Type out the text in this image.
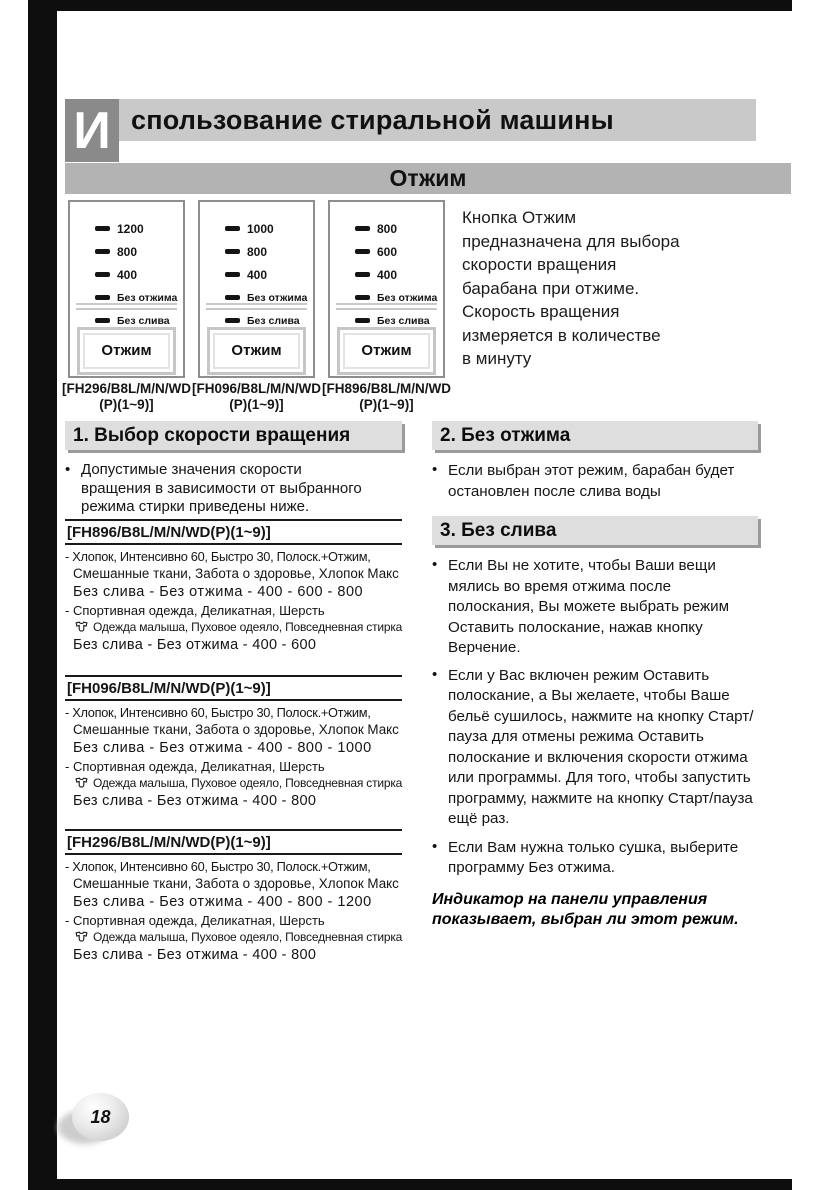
спользование стиральной машины
И
Отжим
1200
800
400
Без отжима
Без слива
Отжим
1000
800
400
Без отжима
Без слива
Отжим
800
600
400
Без отжима
Без слива
Отжим
[FH296/B8L/M/N/WD
(P)(1~9)]
[FH096/B8L/M/N/WD
(P)(1~9)]
[FH896/B8L/M/N/WD
(P)(1~9)]
Кнопка Отжим
предназначена для выбора
скорости вращения
барабана при отжиме.
Скорость вращения
измеряется в количестве
в минуту
1. Выбор скорости вращения
•
Допустимые значения скорости
вращения в зависимости от выбранного
режима стирки приведены ниже.
[FH896/B8L/M/N/WD(P)(1~9)]
- Хлопок, Интенсивно 60, Быстро 30, Полоск.+Отжим,
Смешанные ткани, Забота о здоровье, Хлопок Макс
Без слива - Без отжима - 400 - 600 - 800
- Спортивная одежда, Деликатная, Шерсть
Одежда малыша, Пуховое одеяло, Повседневная стирка
Без слива - Без отжима - 400 - 600
[FH096/B8L/M/N/WD(P)(1~9)]
- Хлопок, Интенсивно 60, Быстро 30, Полоск.+Отжим,
Смешанные ткани, Забота о здоровье, Хлопок Макс
Без слива - Без отжима - 400 - 800 - 1000
- Спортивная одежда, Деликатная, Шерсть
Одежда малыша, Пуховое одеяло, Повседневная стирка
Без слива - Без отжима - 400 - 800
[FH296/B8L/M/N/WD(P)(1~9)]
- Хлопок, Интенсивно 60, Быстро 30, Полоск.+Отжим,
Смешанные ткани, Забота о здоровье, Хлопок Макс
Без слива - Без отжима - 400 - 800 - 1200
- Спортивная одежда, Деликатная, Шерсть
Одежда малыша, Пуховое одеяло, Повседневная стирка
Без слива - Без отжима - 400 - 800
2. Без отжима
•
Если выбран этот режим, барабан будет остановлен после слива воды
3. Без слива
•
Если Вы не хотите, чтобы Ваши вещи мялись во время отжима после полоскания, Вы можете выбрать режим Оставить полоскание, нажав кнопку Верчение.
•
Если у Вас включен режим Оставить полоскание, а Вы желаете, чтобы Ваше бельё сушилось, нажмите на кнопку Старт/пауза для отмены режима Оставить полоскание и включения скорости отжима или программы. Для того, чтобы запустить программу, нажмите на кнопку Старт/пауза ещё раз.
•
Если Вам нужна только сушка, выберите программу Без отжима.
Индикатор на панели управления показывает, выбран ли этот режим.
18
